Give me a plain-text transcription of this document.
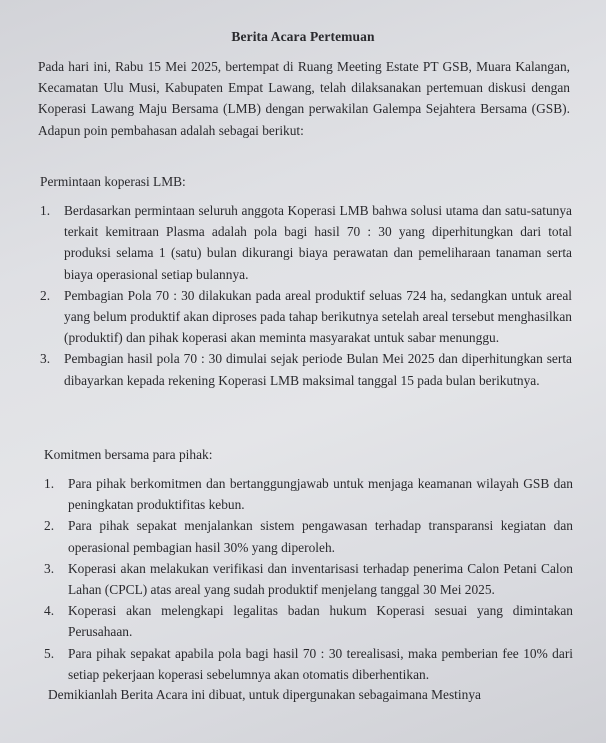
Berita Acara Pertemuan
Pada hari ini, Rabu 15 Mei 2025, bertempat di Ruang Meeting Estate PT GSB, Muara Kalangan, Kecamatan Ulu Musi, Kabupaten Empat Lawang, telah dilaksanakan pertemuan diskusi dengan Koperasi Lawang Maju Bersama (LMB) dengan perwakilan Galempa Sejahtera Bersama (GSB). Adapun poin pembahasan adalah sebagai berikut:
Permintaan koperasi LMB:
1. Berdasarkan permintaan seluruh anggota Koperasi LMB bahwa solusi utama dan satu-satunya terkait kemitraan Plasma adalah pola bagi hasil 70 : 30 yang diperhitungkan dari total produksi selama 1 (satu) bulan dikurangi biaya perawatan dan pemeliharaan tanaman serta biaya operasional setiap bulannya.
2. Pembagian Pola 70 : 30 dilakukan pada areal produktif seluas 724 ha, sedangkan untuk areal yang belum produktif akan diproses pada tahap berikutnya setelah areal tersebut menghasilkan (produktif) dan pihak koperasi akan meminta masyarakat untuk sabar menunggu.
3. Pembagian hasil pola 70 : 30 dimulai sejak periode Bulan Mei 2025 dan diperhitungkan serta dibayarkan kepada rekening Koperasi LMB maksimal tanggal 15 pada bulan berikutnya.
Komitmen bersama para pihak:
1. Para pihak berkomitmen dan bertanggungjawab untuk menjaga keamanan wilayah GSB dan peningkatan produktifitas kebun.
2. Para pihak sepakat menjalankan sistem pengawasan terhadap transparansi kegiatan dan operasional pembagian hasil 30% yang diperoleh.
3. Koperasi akan melakukan verifikasi dan inventarisasi terhadap penerima Calon Petani Calon Lahan (CPCL) atas areal yang sudah produktif menjelang tanggal 30 Mei 2025.
4. Koperasi akan melengkapi legalitas badan hukum Koperasi sesuai yang dimintakan Perusahaan.
5. Para pihak sepakat apabila pola bagi hasil 70 : 30 terealisasi, maka pemberian fee 10% dari setiap pekerjaan koperasi sebelumnya akan otomatis diberhentikan.
Demikianlah Berita Acara ini dibuat, untuk dipergunakan sebagaimana Mestinya
